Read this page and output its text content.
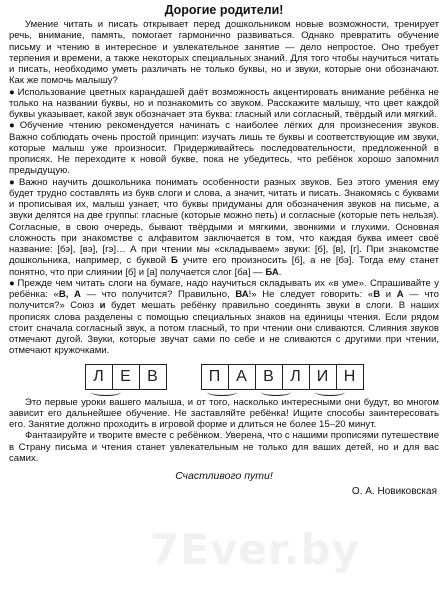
Дорогие родители!

Умение читать и писать открывает перед дошкольником новые возможности, тренирует речь, внимание, память, помогает гармонично развиваться. Однако превратить обучение письму и чтению в интересное и увлекательное занятие — дело непростое. Оно требует терпения и времени, а также некоторых специальных знаний. Для того чтобы научиться читать и писать, необходимо уметь различать не только буквы, но и звуки, которые они обозначают. Как же помочь малышу?

● Использование цветных карандашей даёт возможность акцентировать внимание ребёнка не только на названии буквы, но и познакомить со звуком. Расскажите малышу, что цвет каждой буквы указывает, какой звук обозначает эта буква: гласный или согласный, твёрдый или мягкий.

● Обучение чтению рекомендуется начинать с наиболее лёгких для произнесения звуков. Важно соблюдать очень простой принцип: изучать лишь те буквы и соответствующие им звуки, которые малыш уже произносит. Придерживайтесь последовательности, предложенной в прописях. Не переходите к новой букве, пока не убедитесь, что ребёнок хорошо запомнил предыдущую.

● Важно научить дошкольника понимать особенности разных звуков. Без этого умения ему будет трудно составлять из букв слоги и слова, а значит, читать и писать. Знакомясь с буквами и прописывая их, малыш узнает, что буквы придуманы для обозначения звуков на письме, а звуки делятся на две группы: гласные (которые можно петь) и согласные (которые петь нельзя). Согласные, в свою очередь, бывают твёрдыми и мягкими, звонкими и глухими. Основная сложность при знакомстве с алфавитом заключается в том, что каждая буква имеет своё название: [бэ], [вэ], [гэ]… А при чтении мы «складываем» звуки: [б], [в], [г]. При знакомстве дошкольника, например, с буквой Б учите его произносить [б], а не [бэ]. Тогда ему станет понятно, что при слиянии [б] и [а] получается слог [ба] — БА.

● Прежде чем читать слоги на бумаге, надо научиться складывать их «в уме». Спрашивайте у ребёнка: «В, А — что получится? Правильно, ВА!» Не следует говорить: «В и А — что получится?» Союз и будет мешать ребёнку правильно соединять звуки в слоги. В наших прописях слова разделены с помощью специальных знаков на единицы чтения. Если рядом стоит сначала согласный звук, а потом гласный, то при чтении они сливаются. Слияния звуков отмечают дугой. Звуки, которые звучат сами по себе и не сливаются с другими при чтении, отмечают кружочками.

Л	Е	В	П А	В	Л	И Н

Это первые уроки вашего малыша, и от того, насколько интересными они будут, во многом зависит его дальнейшее обучение. Не заставляйте ребёнка! Ищите способы заинтересовать его. Занятие должно проходить в игровой форме и длиться не более 15–20 минут.

Фантазируйте и творите вместе с ребёнком. Уверена, что с нашими прописями путешествие в Страну письма и чтения станет увлекательным не только для ваших детей, но и для вас самих.

Счастливого пути!
О. А. Новиковская
7Ever.by
